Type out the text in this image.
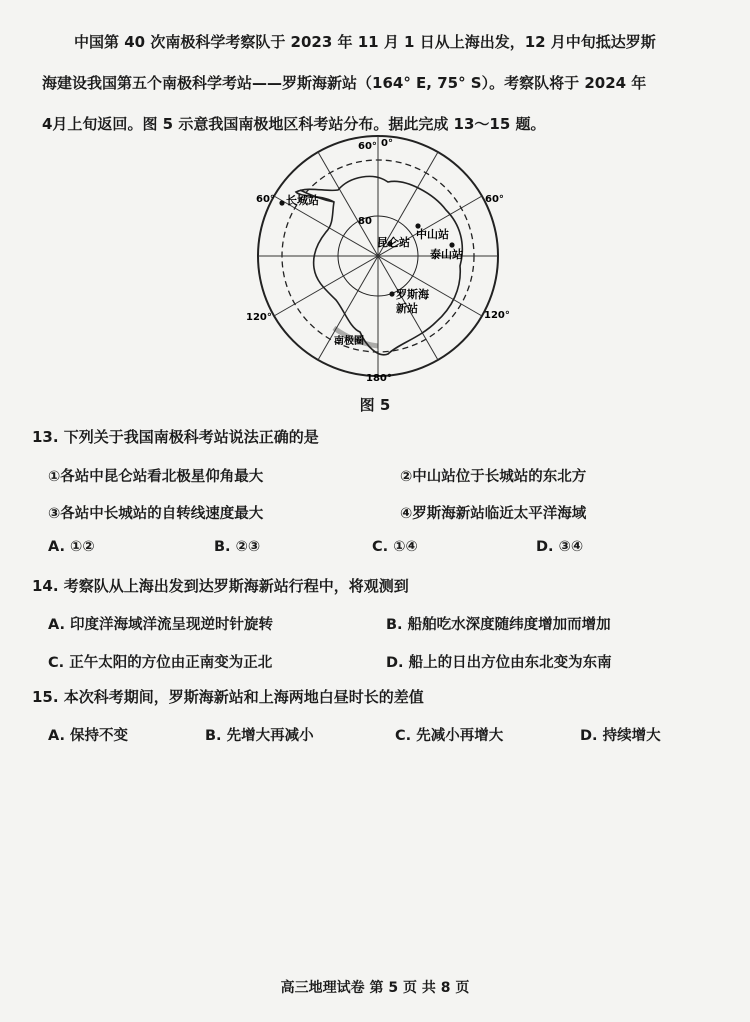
中国第 40 次南极科学考察队于 2023 年 11 月 1 日从上海出发，12 月中旬抵达罗斯

海建设我国第五个南极科学考站——罗斯海新站（164° E, 75° S）。考察队将于 2024 年

4月上旬返回。图 5 示意我国南极地区科考站分布。据此完成 13～15 题。

60° 0°
60°	60°
80
120°	120°
180°
南极圈
长城站
昆仑站
中山站
泰山站
罗斯海
新站
图 5
13. 下列关于我国南极科考站说法正确的是
①各站中昆仑站看北极星仰角最大	②中山站位于长城站的东北方
③各站中长城站的自转线速度最大	④罗斯海新站临近太平洋海域
A. ①②	B. ②③	C. ①④	D. ③④
14. 考察队从上海出发到达罗斯海新站行程中，将观测到
A. 印度洋海域洋流呈现逆时针旋转	B. 船舶吃水深度随纬度增加而增加
C. 正午太阳的方位由正南变为正北	D. 船上的日出方位由东北变为东南
15. 本次科考期间，罗斯海新站和上海两地白昼时长的差值
A. 保持不变	B. 先增大再减小	C. 先减小再增大	D. 持续增大
高三地理试卷 第 5 页 共 8 页
